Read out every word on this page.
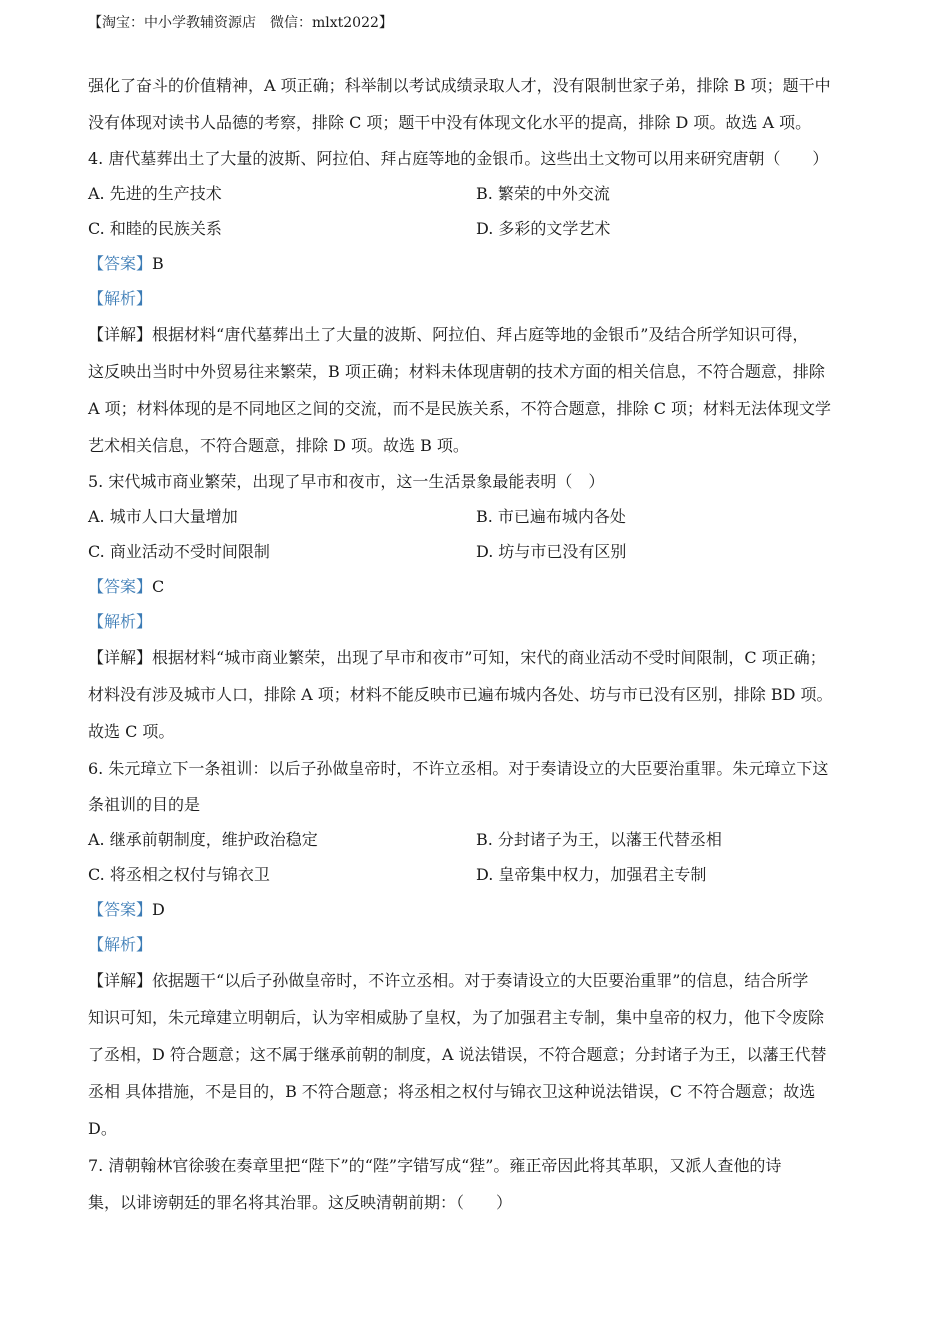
【淘宝：中小学教辅资源店　微信：mlxt2022】
强化了奋斗的价值精神，A 项正确；科举制以考试成绩录取人才，没有限制世家子弟，排除 B 项；题干中
没有体现对读书人品德的考察，排除 C 项；题干中没有体现文化水平的提高，排除 D 项。故选 A 项。
4. 唐代墓葬出土了大量的波斯、阿拉伯、拜占庭等地的金银币。这些出土文物可以用来研究唐朝（　　）
A. 先进的生产技术	B. 繁荣的中外交流
C. 和睦的民族关系	D. 多彩的文学艺术
【答案】B
【解析】
【详解】根据材料“唐代墓葬出土了大量的波斯、阿拉伯、拜占庭等地的金银币”及结合所学知识可得，
这反映出当时中外贸易往来繁荣，B 项正确；材料未体现唐朝的技术方面的相关信息，不符合题意，排除
A 项；材料体现的是不同地区之间的交流，而不是民族关系，不符合题意，排除 C 项；材料无法体现文学
艺术相关信息，不符合题意，排除 D 项。故选 B 项。
5. 宋代城市商业繁荣，出现了早市和夜市，这一生活景象最能表明（　）
A. 城市人口大量增加	B. 市已遍布城内各处
C. 商业活动不受时间限制	D. 坊与市已没有区别
【答案】C
【解析】
【详解】根据材料“城市商业繁荣，出现了早市和夜市”可知，宋代的商业活动不受时间限制，C 项正确；
材料没有涉及城市人口，排除 A 项；材料不能反映市已遍布城内各处、坊与市已没有区别，排除 BD 项。
故选 C 项。
6. 朱元璋立下一条祖训：以后子孙做皇帝时，不许立丞相。对于奏请设立的大臣要治重罪。朱元璋立下这
条祖训的目的是
A. 继承前朝制度，维护政治稳定	B. 分封诸子为王，以藩王代替丞相
C. 将丞相之权付与锦衣卫	D. 皇帝集中权力，加强君主专制
【答案】D
【解析】
【详解】依据题干“以后子孙做皇帝时，不许立丞相。对于奏请设立的大臣要治重罪”的信息，结合所学
知识可知，朱元璋建立明朝后，认为宰相威胁了皇权，为了加强君主专制，集中皇帝的权力，他下令废除
了丞相，D 符合题意；这不属于继承前朝的制度，A 说法错误，不符合题意；分封诸子为王，以藩王代替
丞相 具体措施，不是目的，B 不符合题意；将丞相之权付与锦衣卫这种说法错误，C 不符合题意；故选
D。
7. 清朝翰林官徐骏在奏章里把“陛下”的“陛”字错写成“狴”。雍正帝因此将其革职，又派人查他的诗
集，以诽谤朝廷的罪名将其治罪。这反映清朝前期：（　　）
